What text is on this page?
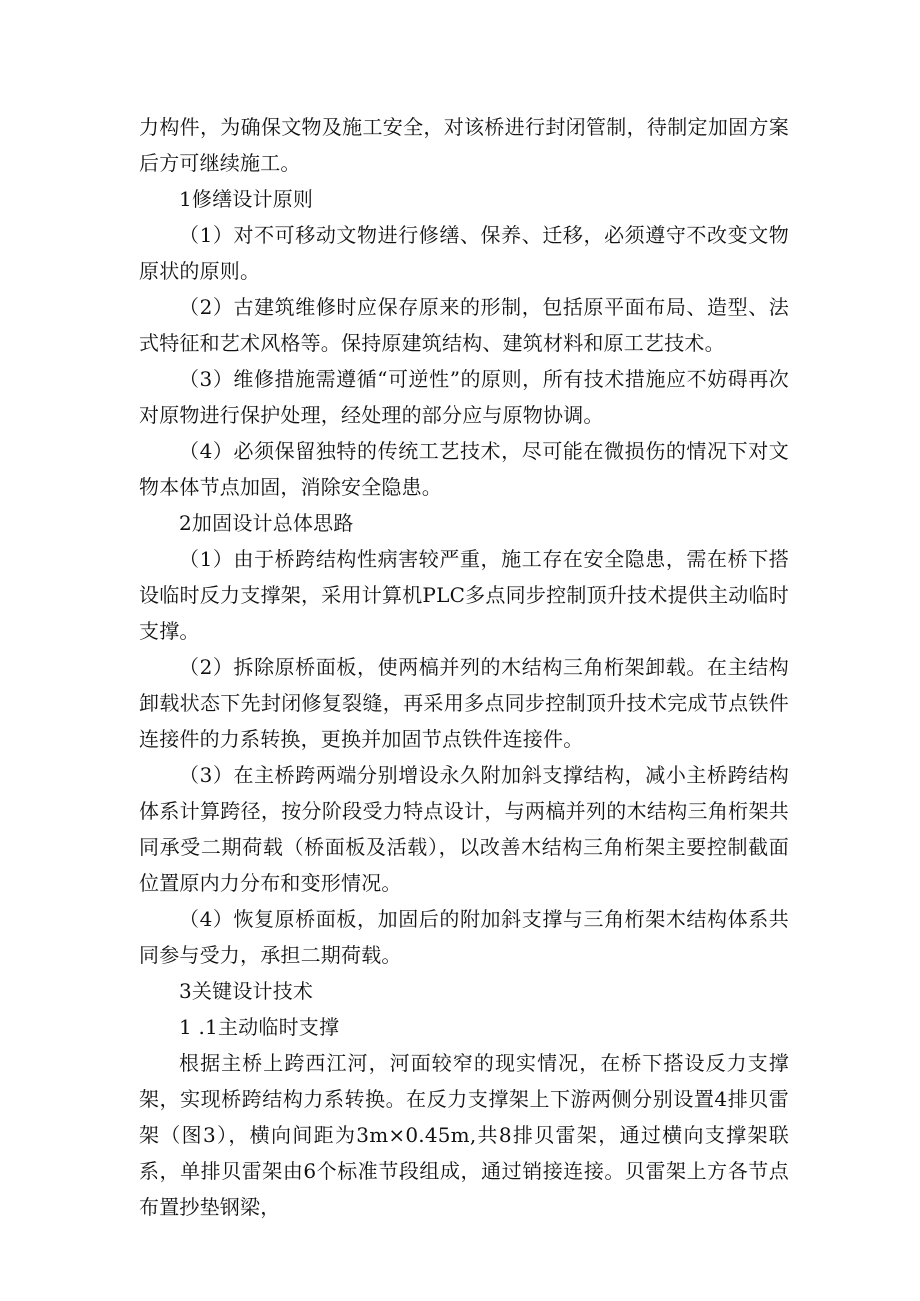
力构件，为确保文物及施工安全，对该桥进行封闭管制，待制定加固方案后方可继续施工。

1修缮设计原则

（1）对不可移动文物进行修缮、保养、迁移，必须遵守不改变文物原状的原则。

（2）古建筑维修时应保存原来的形制，包括原平面布局、造型、法式特征和艺术风格等。保持原建筑结构、建筑材料和原工艺技术。

（3）维修措施需遵循“可逆性”的原则，所有技术措施应不妨碍再次对原物进行保护处理，经处理的部分应与原物协调。

（4）必须保留独特的传统工艺技术，尽可能在微损伤的情况下对文物本体节点加固，消除安全隐患。

2加固设计总体思路

（1）由于桥跨结构性病害较严重，施工存在安全隐患，需在桥下搭设临时反力支撑架，采用计算机PLC多点同步控制顶升技术提供主动临时支撑。

（2）拆除原桥面板，使两槁并列的木结构三角桁架卸载。在主结构卸载状态下先封闭修复裂缝，再采用多点同步控制顶升技术完成节点铁件连接件的力系转换，更换并加固节点铁件连接件。

（3）在主桥跨两端分别增设永久附加斜支撑结构，减小主桥跨结构体系计算跨径，按分阶段受力特点设计，与两槁并列的木结构三角桁架共同承受二期荷载（桥面板及活载），以改善木结构三角桁架主要控制截面位置原内力分布和变形情况。

（4）恢复原桥面板，加固后的附加斜支撑与三角桁架木结构体系共同参与受力，承担二期荷载。

3关键设计技术

1 .1主动临时支撑

根据主桥上跨西江河，河面较窄的现实情况，在桥下搭设反力支撑架，实现桥跨结构力系转换。在反力支撑架上下游两侧分别设置4排贝雷架（图3），横向间距为3m×0.45m,共8排贝雷架，通过横向支撑架联系，单排贝雷架由6个标准节段组成，通过销接连接。贝雷架上方各节点布置抄垫钢梁，
